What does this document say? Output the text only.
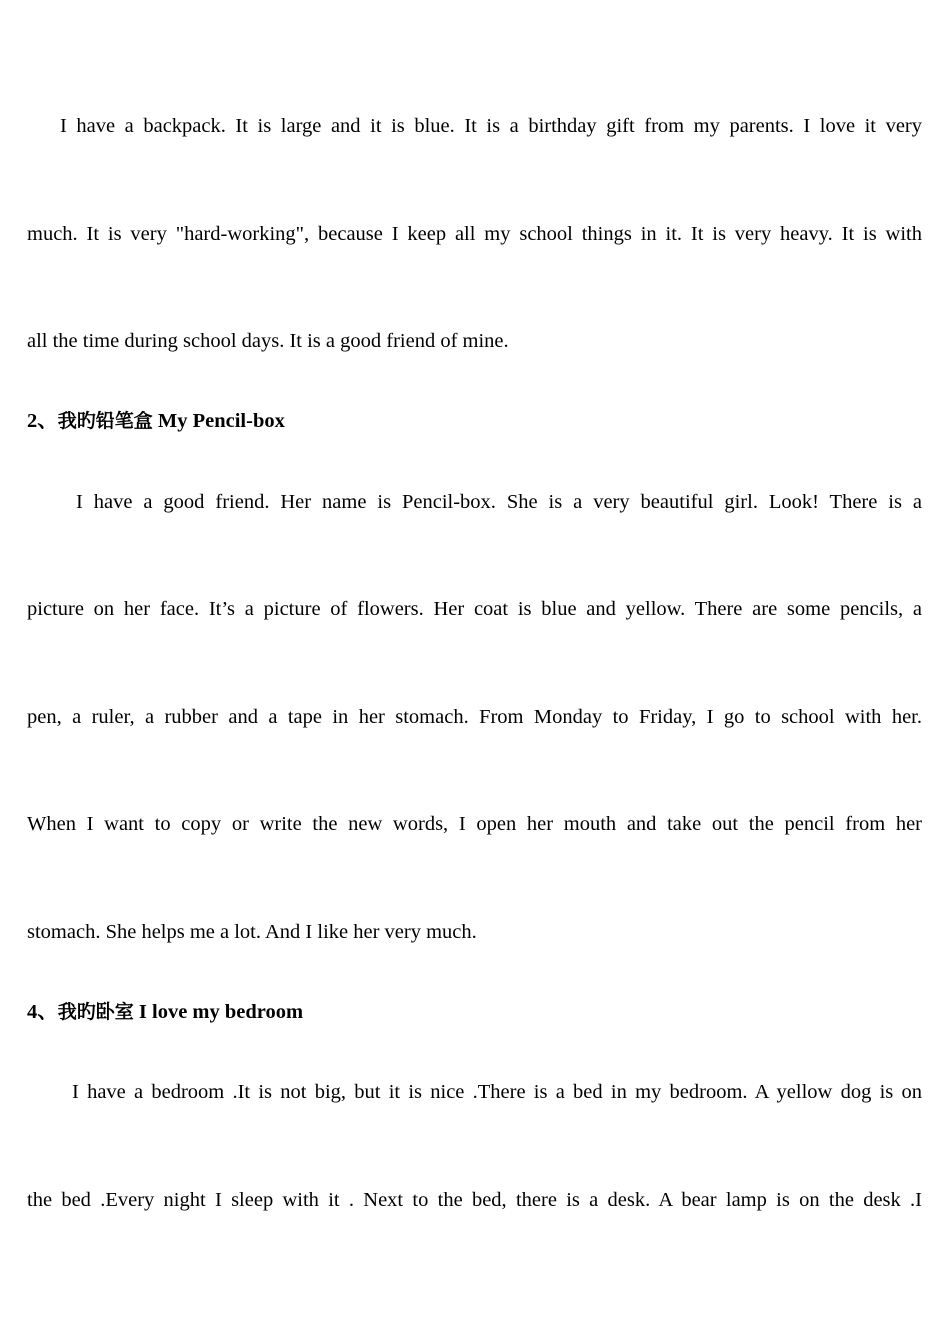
I have a backpack. It is large and it is blue. It is a birthday gift from my parents. I love it very
much. It is very "hard-working", because I keep all my school things in it. It is very heavy. It is with
all the time during school days. It is a good friend of mine.
2、我旳铅笔盒 My Pencil-box
I have a good friend. Her name is Pencil-box. She is a very beautiful girl. Look! There is a
picture on her face. It’s a picture of flowers. Her coat is blue and yellow. There are some pencils, a
pen, a ruler, a rubber and a tape in her stomach. From Monday to Friday, I go to school with her.
When I want to copy or write the new words, I open her mouth and take out the pencil from her
stomach. She helps me a lot. And I like her very much.
4、我旳卧室 I love my bedroom
I have a bedroom .It is not big, but it is nice .There is a bed in my bedroom. A yellow dog is on
the bed .Every night I sleep with it . Next to the bed, there is a desk. A bear lamp is on the desk .I
